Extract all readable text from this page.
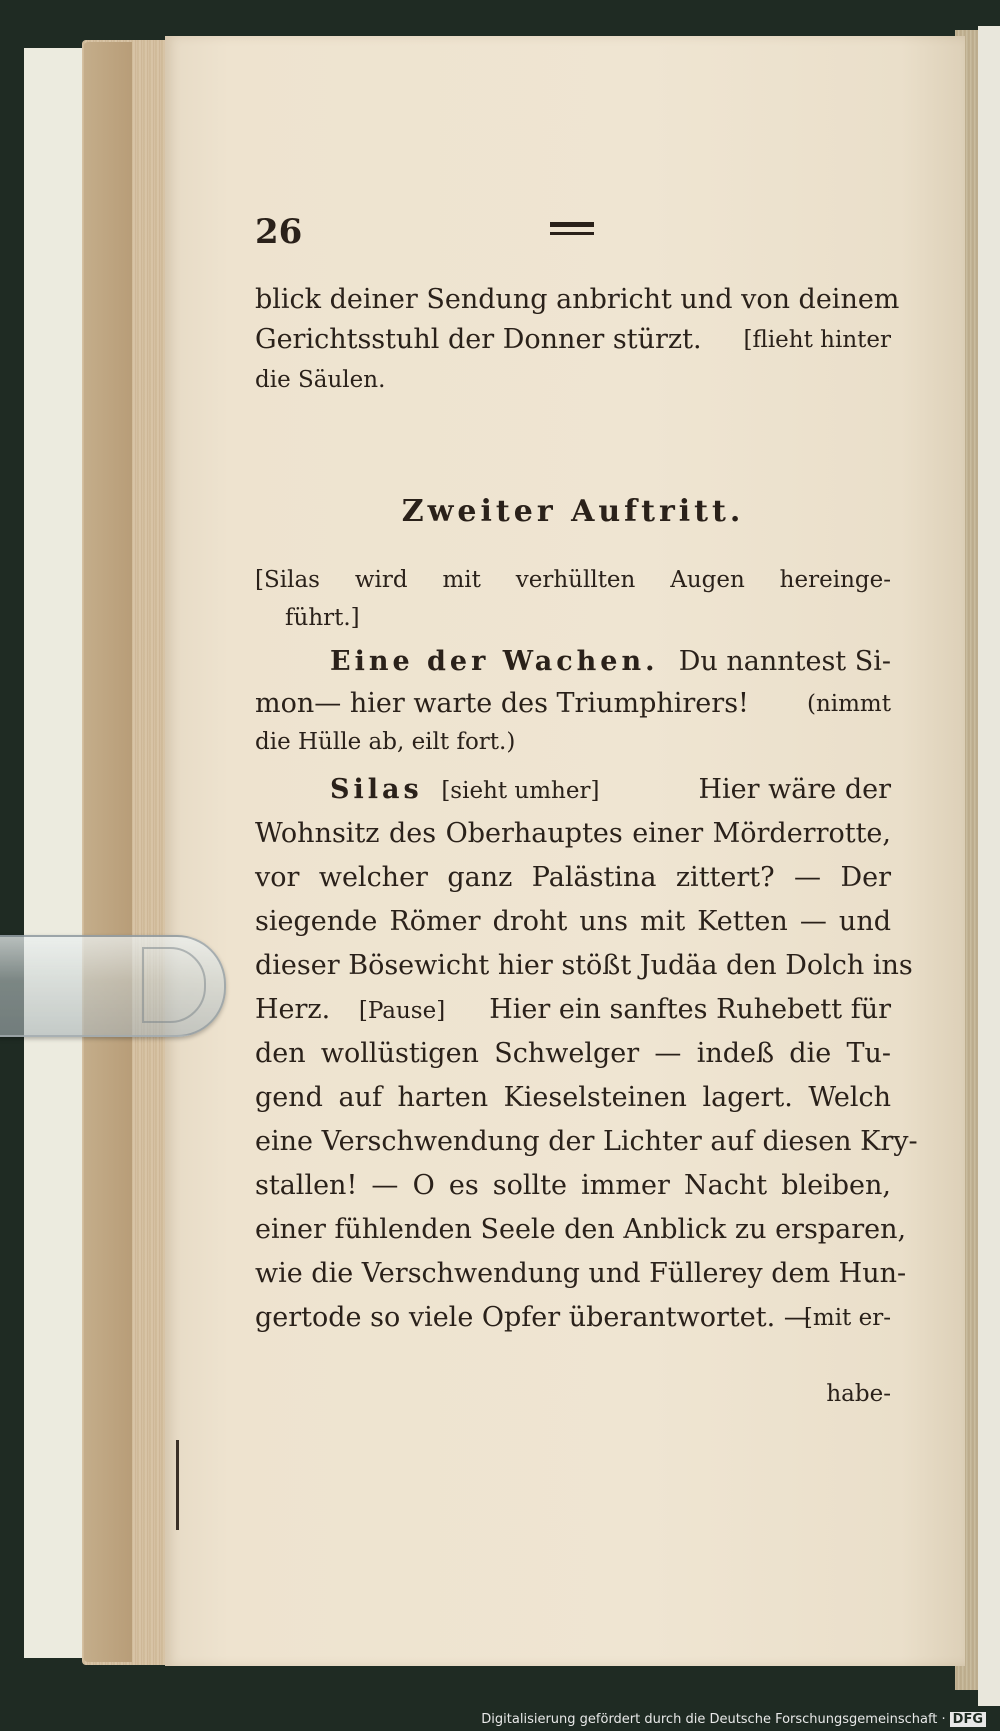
26
blick deiner Sendung anbricht und von deinem
Gerichtsstuhl der Donner stürzt. [flieht hinter
die Säulen.
Zweiter Auftritt.
[Silas wird mit verhüllten Augen hereinge-
führt.]
Eine der Wachen. Du nanntest Si-
mon— hier warte des Triumphirers!	(nimmt
die Hülle ab, eilt fort.)
Silas [sieht umher]	Hier wäre der
Wohnsitz des Oberhauptes einer Mörderrotte,
vor welcher ganz Palästina zittert? — Der
siegende Römer droht uns mit Ketten — und
dieser Bösewicht hier stößt Judäa den Dolch ins
Herz. [Pause] Hier ein sanftes Ruhebett für
den wollüstigen Schwelger — indeß die Tu-
gend auf harten Kieselsteinen lagert. Welch
eine Verschwendung der Lichter auf diesen Kry-
stallen! — O es sollte immer Nacht bleiben,
einer fühlenden Seele den Anblick zu ersparen,
wie die Verschwendung und Füllerey dem Hun-
gertode so viele Opfer überantwortet. —
[mit er-
habe-
Digitalisierung gefördert durch die Deutsche Forschungsgemeinschaft · DFG
